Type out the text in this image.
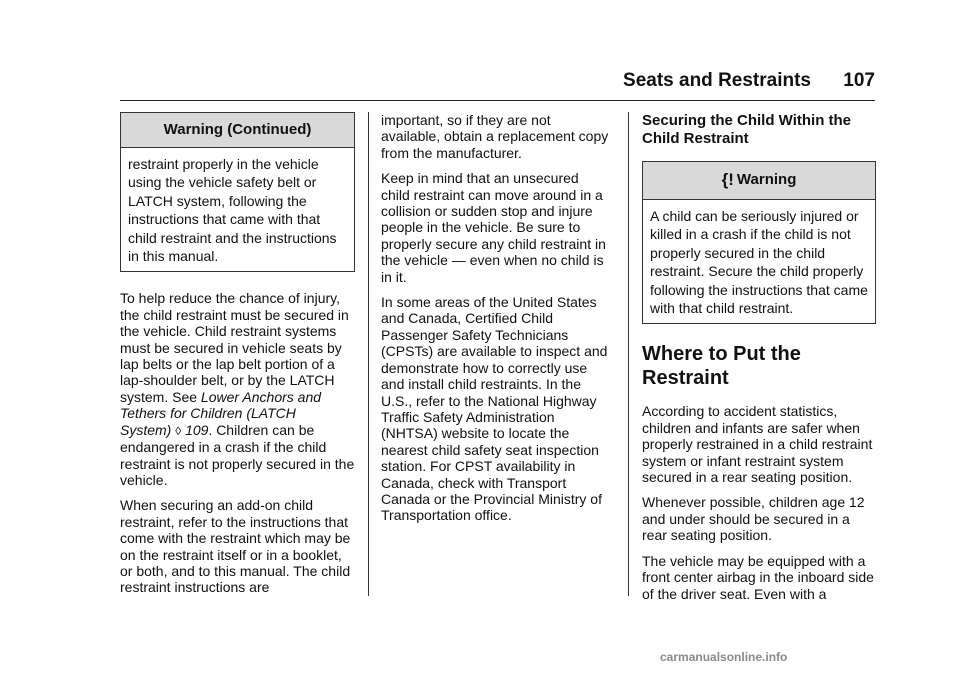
Seats and Restraints 107
Warning (Continued)
restraint properly in the vehicle using the vehicle safety belt or LATCH system, following the instructions that came with that child restraint and the instructions in this manual.

To help reduce the chance of injury, the child restraint must be secured in the vehicle. Child restraint systems must be secured in vehicle seats by lap belts or the lap belt portion of a lap-shoulder belt, or by the LATCH system. See Lower Anchors and Tethers for Children (LATCH System) ◊ 109. Children can be endangered in a crash if the child restraint is not properly secured in the vehicle.

When securing an add-on child restraint, refer to the instructions that come with the restraint which may be on the restraint itself or in a booklet, or both, and to this manual. The child restraint instructions are

important, so if they are not available, obtain a replacement copy from the manufacturer.

Keep in mind that an unsecured child restraint can move around in a collision or sudden stop and injure people in the vehicle. Be sure to properly secure any child restraint in the vehicle — even when no child is in it.

In some areas of the United States and Canada, Certified Child Passenger Safety Technicians (CPSTs) are available to inspect and demonstrate how to correctly use and install child restraints. In the U.S., refer to the National Highway Traffic Safety Administration (NHTSA) website to locate the nearest child safety seat inspection station. For CPST availability in Canada, check with Transport Canada or the Provincial Ministry of Transportation office.

Securing the Child Within the Child Restraint
{! Warning
A child can be seriously injured or killed in a crash if the child is not properly secured in the child restraint. Secure the child properly following the instructions that came with that child restraint.
Where to Put the Restraint

According to accident statistics, children and infants are safer when properly restrained in a child restraint system or infant restraint system secured in a rear seating position.

Whenever possible, children age 12 and under should be secured in a rear seating position.

The vehicle may be equipped with a front center airbag in the inboard side of the driver seat. Even with a

carmanualsonline.info
